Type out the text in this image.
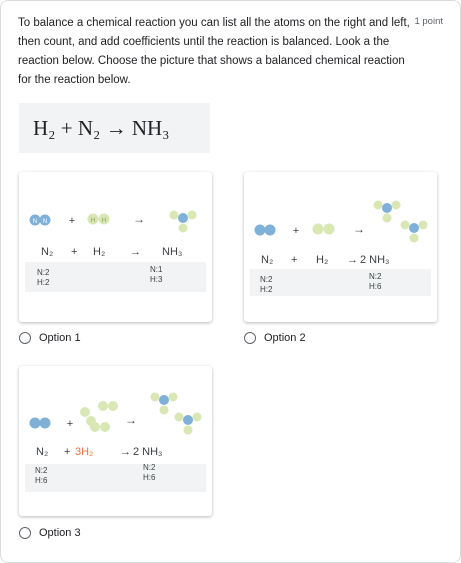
To balance a chemical reaction you can list all the atoms on the right and left, then count, and add coefficients until the reaction is balanced. Look a the reaction below. Choose the picture that shows a balanced chemical reaction for the reaction below.
1 point
H₂ + N₂ → NH₃
N N +	H H →
N₂ + H₂ → NH₃
N:2
H:2
N:1
H:3
Option 1
+	→
N₂ + H₂ → 2 NH₃
N:2
H:2
N:2
H:6
Option 2
+	→
N₂ + 3H₂ → 2 NH₃
N:2
H:6
N:2
H:6
Option 3
